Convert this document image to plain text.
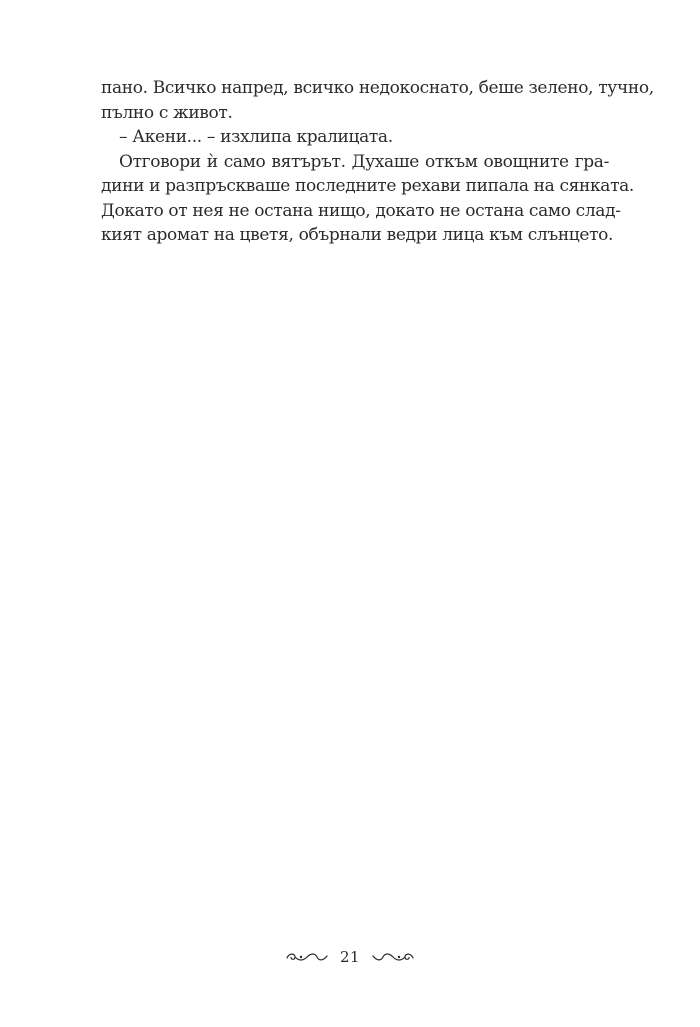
пано. Всичко напред, всичко недокоснато, беше зелено, тучно,
пълно с живот.
– Акени... – изхлипа кралицата.
Отговори ѝ само вятърът. Духаше откъм овощните гра-
дини и разпръскваше последните рехави пипала на сянката.
Докато от нея не остана нищо, докато не остана само слад-
кият аромат на цветя, обърнали ведри лица към слънцето.
21
